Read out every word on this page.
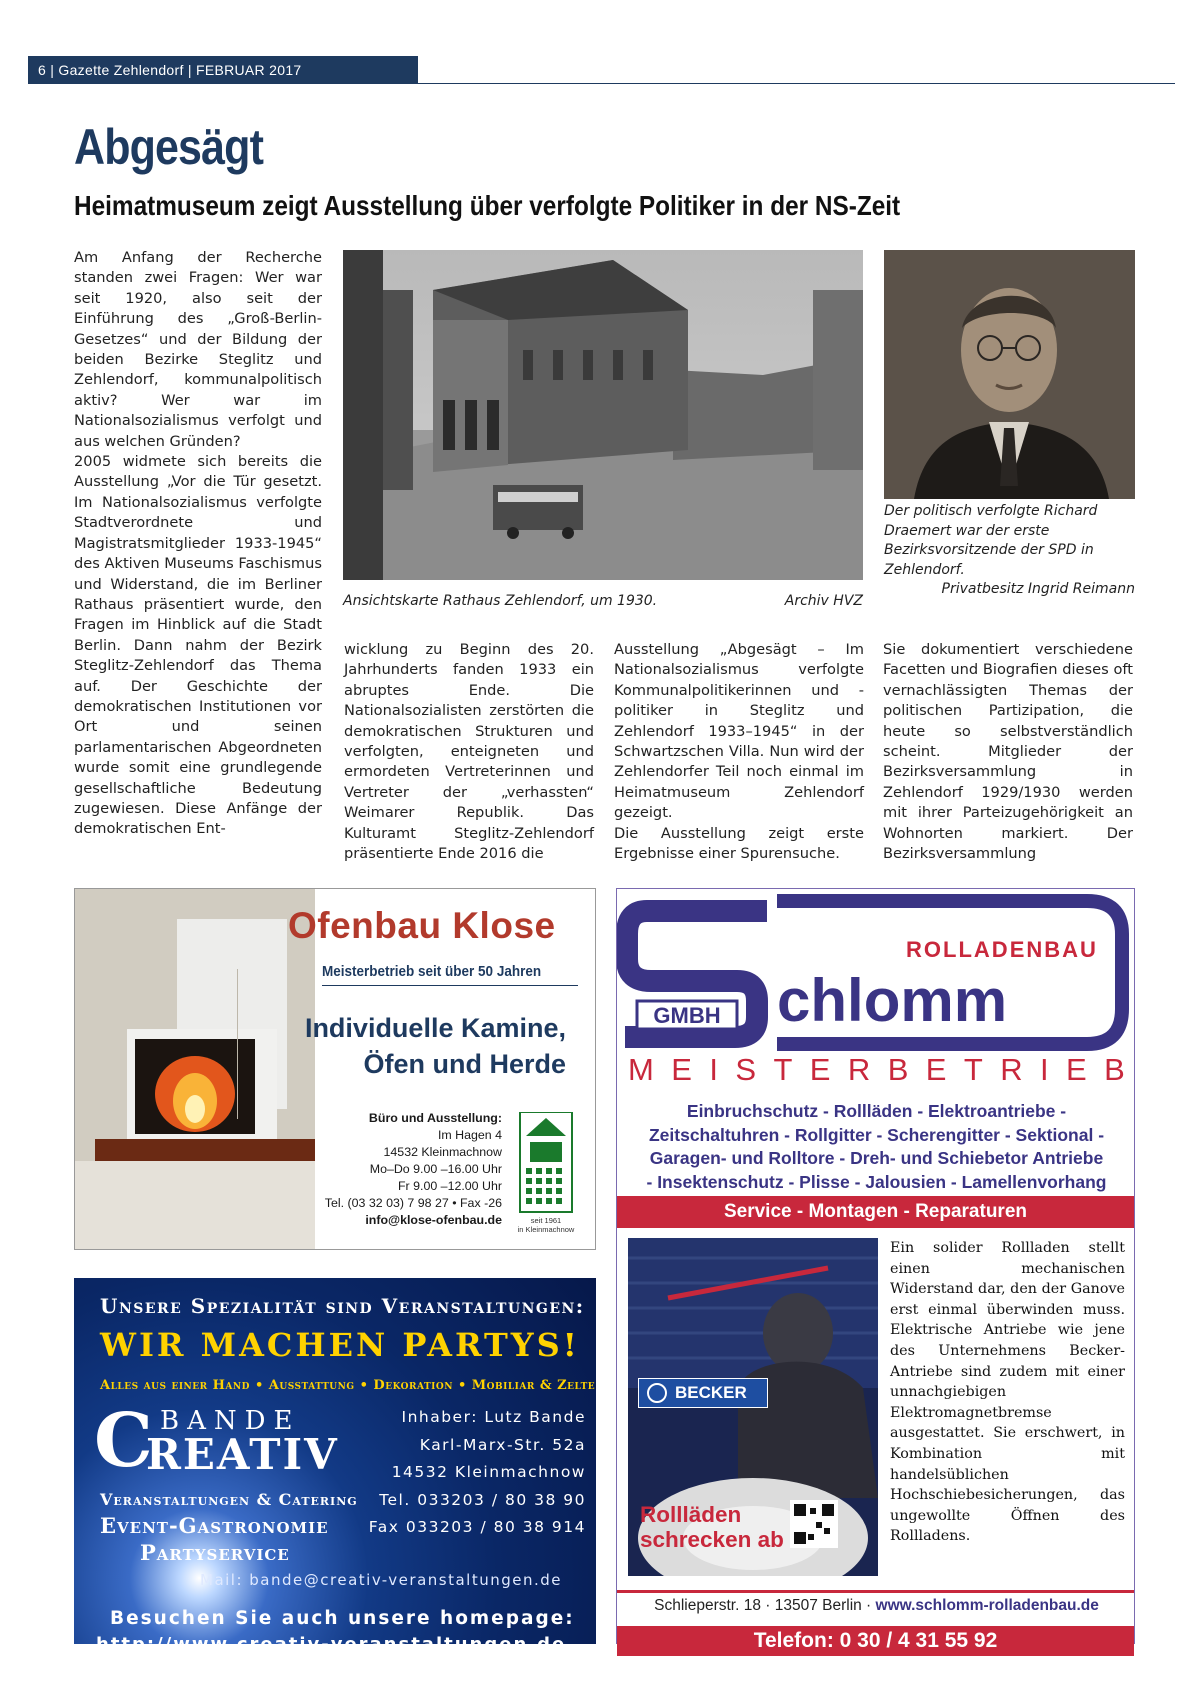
6 | Gazette Zehlendorf | FEBRUAR 2017
Abgesägt
Heimatmuseum zeigt Ausstellung über verfolgte Politiker in der NS-Zeit
Am Anfang der Recherche standen zwei Fragen: Wer war seit 1920, also seit der Einführung des „Groß-Berlin-Gesetzes“ und der Bildung der beiden Bezirke Steglitz und Zehlendorf, kommunalpolitisch aktiv? Wer war im Nationalsozialismus verfolgt und aus welchen Gründen?
2005 widmete sich bereits die Ausstellung „Vor die Tür gesetzt. Im Nationalsozialismus verfolgte Stadtverordnete und Magistratsmitglieder 1933-1945“ des Aktiven Museums Faschismus und Widerstand, die im Berliner Rathaus präsentiert wurde, den Fragen im Hinblick auf die Stadt Berlin. Dann nahm der Bezirk Steglitz-Zehlendorf das Thema auf. Der Geschichte der demokratischen Institutionen vor Ort und seinen parlamentarischen Abgeordneten wurde somit eine grundlegende gesellschaftliche Bedeutung zugewiesen. Diese Anfänge der demokratischen Ent-
Ansichtskarte Rathaus Zehlendorf, um 1930.	Archiv HVZ
Der politisch verfolgte Richard Draemert war der erste Bezirksvorsitzende der SPD in Zehlendorf.
Privatbesitz Ingrid Reimann
wicklung zu Beginn des 20. Jahrhunderts fanden 1933 ein abruptes Ende. Die Nationalsozialisten zerstörten die demokratischen Strukturen und verfolgten, enteigneten und ermordeten Vertreterinnen und Vertreter der „verhassten“ Weimarer Republik. Das Kulturamt Steglitz-Zehlendorf präsentierte Ende 2016 die
Ausstellung „Abgesägt – Im Nationalsozialismus verfolgte Kommunalpolitikerinnen und -politiker in Steglitz und Zehlendorf 1933–1945“ in der Schwartzschen Villa. Nun wird der Zehlendorfer Teil noch einmal im Heimatmuseum Zehlendorf gezeigt.
Die Ausstellung zeigt erste Ergebnisse einer Spurensuche.
Sie dokumentiert verschiedene Facetten und Biografien dieses oft vernachlässigten Themas der politischen Partizipation, die heute so selbstverständlich scheint. Mitglieder der Bezirksversammlung in Zehlendorf 1929/1930 werden mit ihrer Parteizugehörigkeit an Wohnorten markiert. Der Bezirksversammlung
Ofenbau Klose
Meisterbetrieb seit über 50 Jahren
Individuelle Kamine,
Öfen und Herde
Büro und Ausstellung:
Im Hagen 4
14532 Kleinmachnow
Mo–Do 9.00 –16.00 Uhr
Fr 9.00 –12.00 Uhr
Tel. (03 32 03) 7 98 27 • Fax -26
info@klose-ofenbau.de	seit 1961
in Kleinmachnow
Unsere Spezialität sind Veranstaltungen:
WIR MACHEN PARTYS!
Alles aus einer Hand • Ausstattung • Dekoration • Mobiliar & Zelte
C BANDE
REATIV
Veranstaltungen & Catering
Event-Gastronomie
Partyservice
Inhaber: Lutz Bande
Karl-Marx-Str. 52a
14532 Kleinmachnow
Tel. 033203 / 80 38 90
Fax 033203 / 80 38 914
Mail: bande@creativ-veranstaltungen.de
Besuchen Sie auch unsere homepage:
http://www.creativ-veranstaltungen.de
GMBH
ROLLADENBAU
chlomm
M E I S T E R B E T R I E B
Einbruchschutz - Rollläden - Elektroantriebe -
Zeitschaltuhren - Rollgitter - Scherengitter - Sektional -
Garagen- und Rolltore - Dreh- und Schiebetor Antriebe
- Insektenschutz - Plisse - Jalousien - Lamellenvorhang
Service - Montagen - Reparaturen
BECKER
Rollläden
schrecken ab
Ein solider Rollladen stellt einen mechanischen Widerstand dar, den der Ganove erst einmal überwinden muss. Elektrische Antriebe wie jene des Unternehmens Becker-Antriebe sind zudem mit einer unnachgiebigen Elektromagnetbremse ausgestattet. Sie erschwert, in Kombination mit handelsüblichen Hochschiebesicherungen, das ungewollte Öffnen des Rollladens.
Schlieperstr. 18 · 13507 Berlin · www.schlomm-rolladenbau.de
Telefon: 0 30 / 4 31 55 92
